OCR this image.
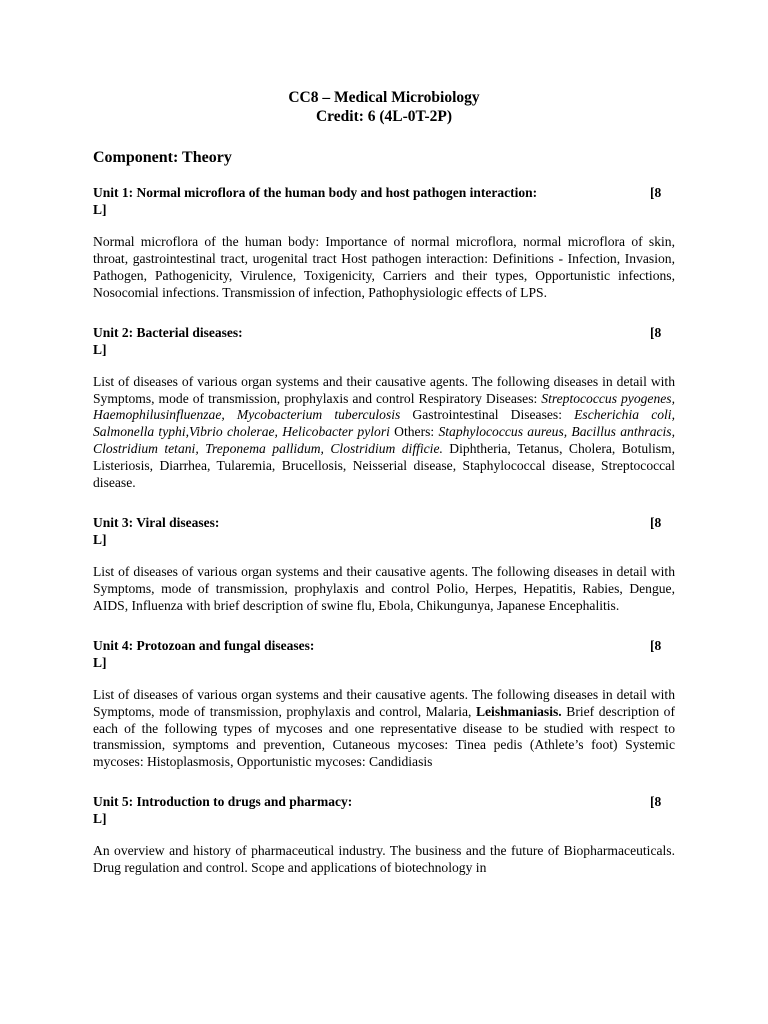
CC8 – Medical Microbiology
Credit: 6 (4L-0T-2P)
Component: Theory
Unit 1: Normal microflora of the human body and host pathogen interaction:	[8
L]
Normal microflora of the human body: Importance of normal microflora, normal microflora of skin, throat, gastrointestinal tract, urogenital tract Host pathogen interaction: Definitions - Infection, Invasion, Pathogen, Pathogenicity, Virulence, Toxigenicity, Carriers and their types, Opportunistic infections, Nosocomial infections. Transmission of infection, Pathophysiologic effects of LPS.
Unit 2: Bacterial diseases:	[8
L]
List of diseases of various organ systems and their causative agents. The following diseases in detail with Symptoms, mode of transmission, prophylaxis and control Respiratory Diseases: Streptococcus pyogenes, Haemophilusinfluenzae, Mycobacterium tuberculosis Gastrointestinal Diseases: Escherichia coli, Salmonella typhi,Vibrio cholerae, Helicobacter pylori Others: Staphylococcus aureus, Bacillus anthracis, Clostridium tetani, Treponema pallidum, Clostridium difficie. Diphtheria, Tetanus, Cholera, Botulism, Listeriosis, Diarrhea, Tularemia, Brucellosis, Neisserial disease, Staphylococcal disease, Streptococcal disease.
Unit 3: Viral diseases:	[8
L]
List of diseases of various organ systems and their causative agents. The following diseases in detail with Symptoms, mode of transmission, prophylaxis and control Polio, Herpes, Hepatitis, Rabies, Dengue, AIDS, Influenza with brief description of swine flu, Ebola, Chikungunya, Japanese Encephalitis.
Unit 4: Protozoan and fungal diseases:	[8
L]
List of diseases of various organ systems and their causative agents. The following diseases in detail with Symptoms, mode of transmission, prophylaxis and control, Malaria, Leishmaniasis. Brief description of each of the following types of mycoses and one representative disease to be studied with respect to transmission, symptoms and prevention, Cutaneous mycoses: Tinea pedis (Athlete’s foot) Systemic mycoses: Histoplasmosis, Opportunistic mycoses: Candidiasis
Unit 5: Introduction to drugs and pharmacy:	[8
L]
An overview and history of pharmaceutical industry. The business and the future of Biopharmaceuticals. Drug regulation and control. Scope and applications of biotechnology in
